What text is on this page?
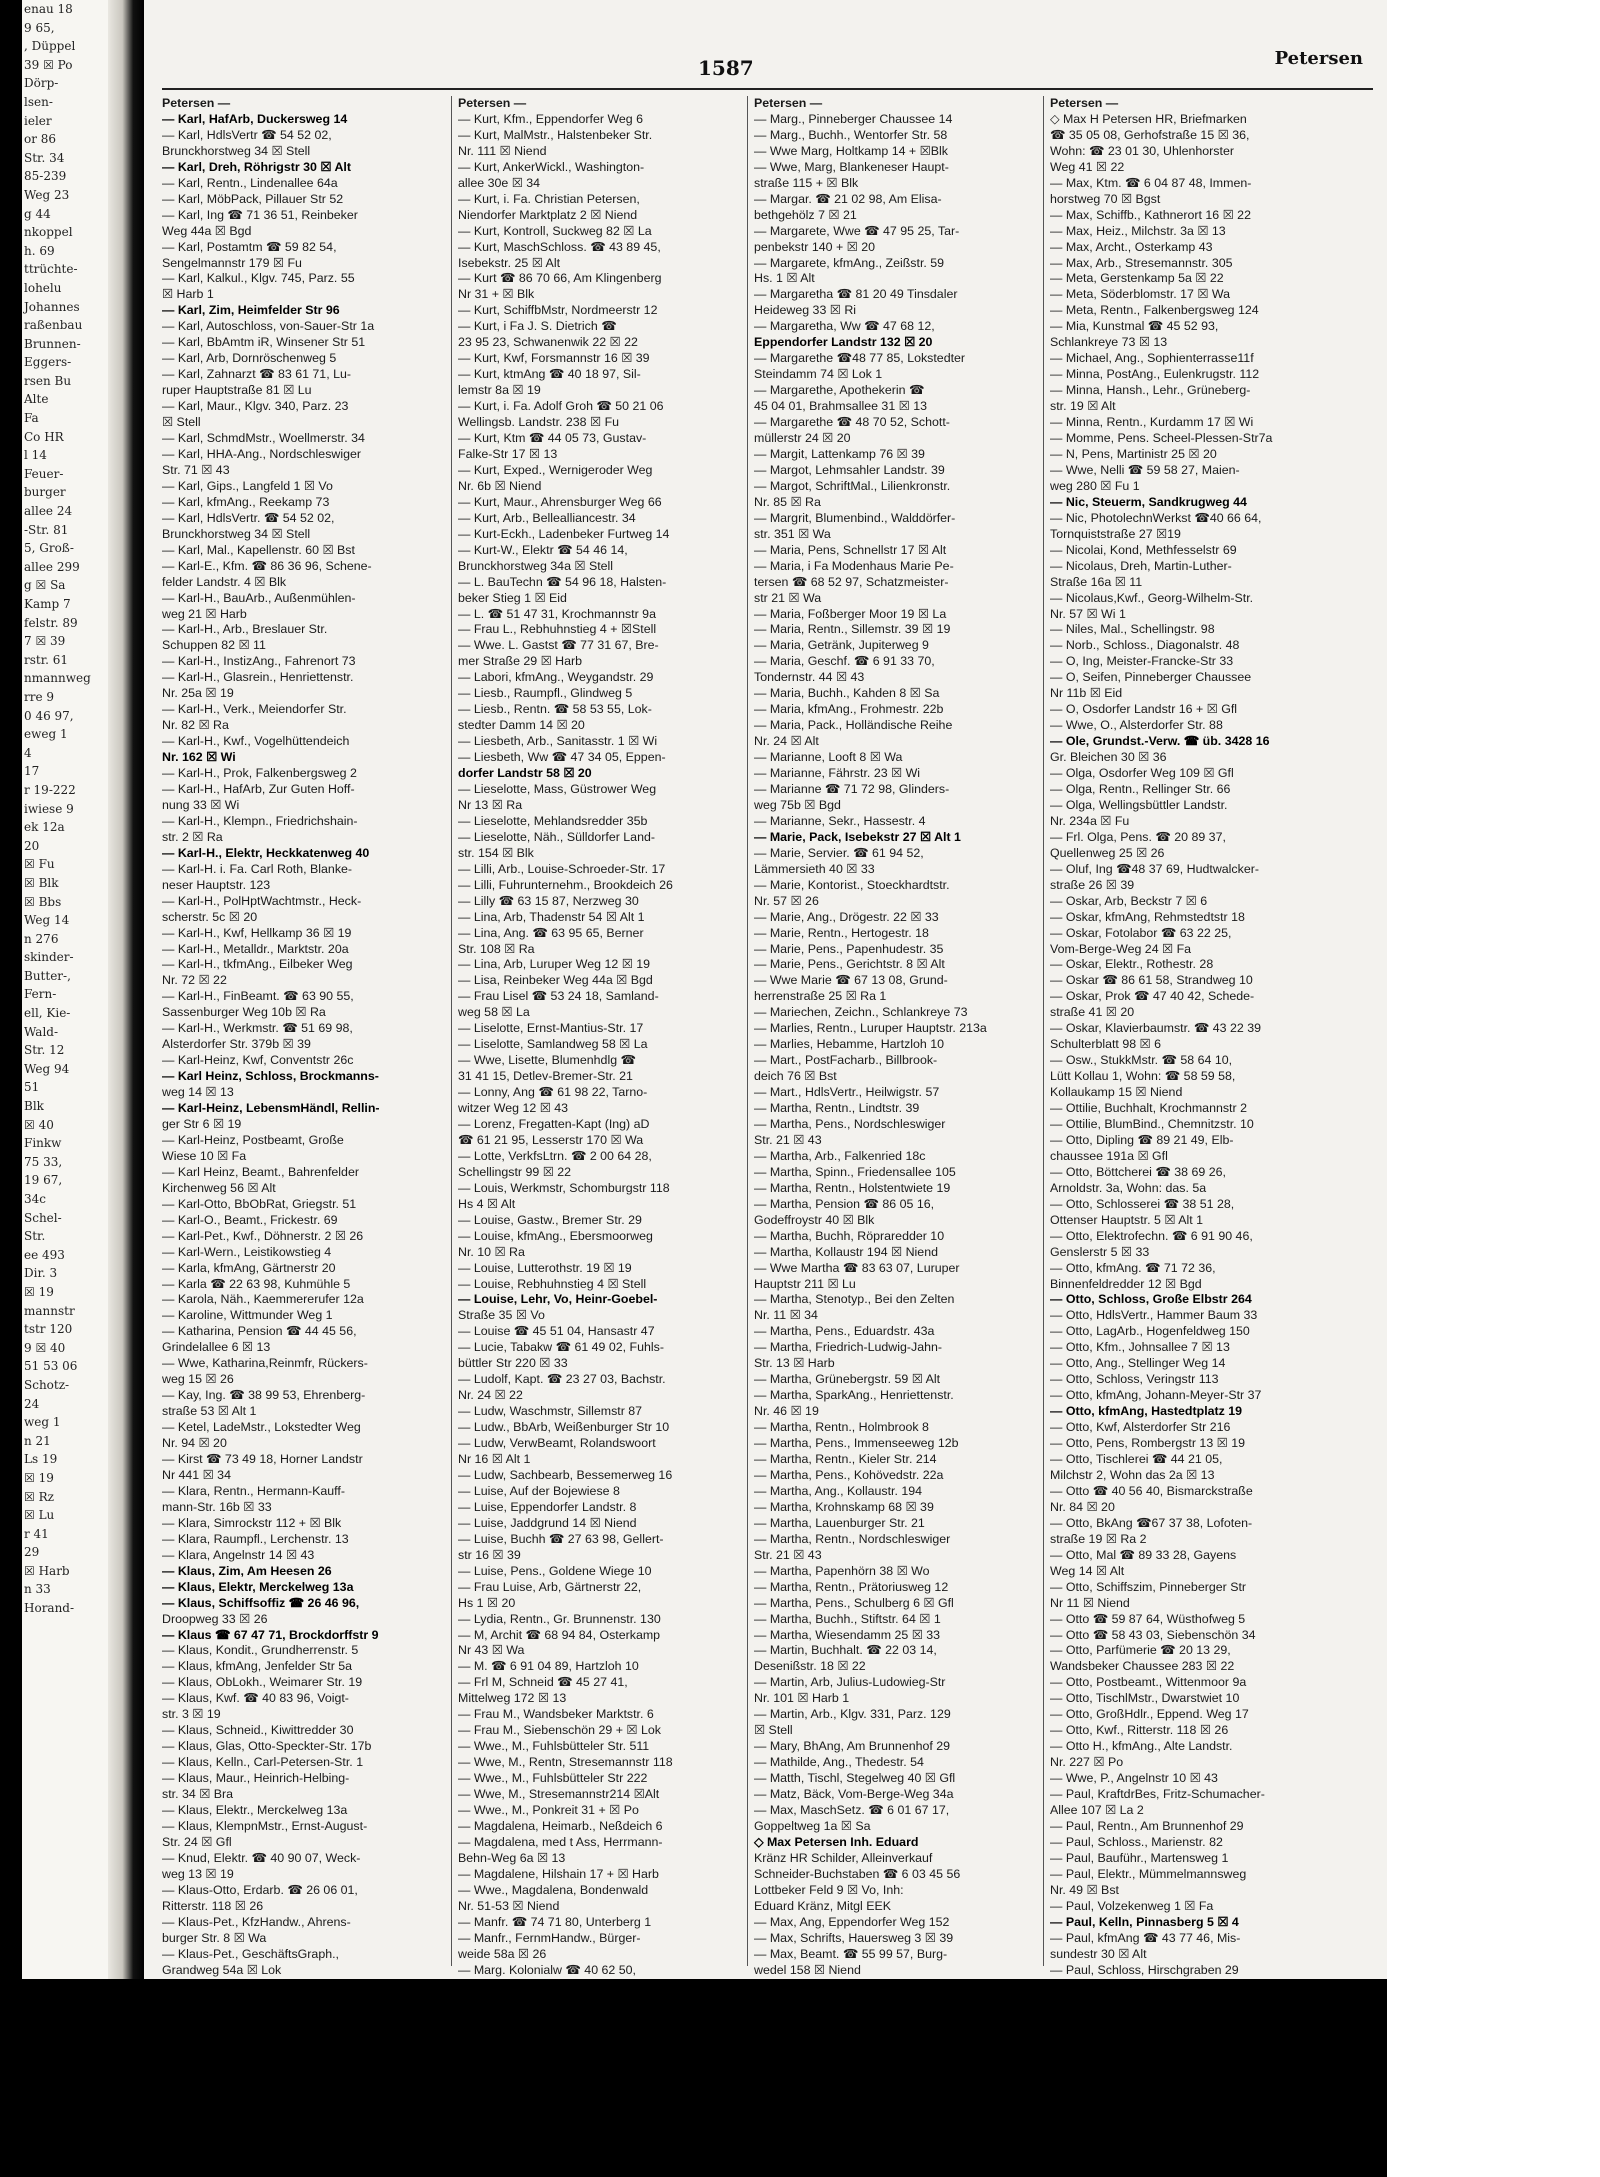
enau 18
9 65,
, Düppel
39 ☒ Po
Dörp-
lsen-
ieler
or 86
Str. 34
85-239
Weg 23
g 44
nkoppel
h. 69
ttrüchte-
lohelu
Johannes
raßenbau
Brunnen-
Eggers-
rsen Bu
Alte
Fa
Co HR
l 14
Feuer-
burger
allee 24
-Str. 81
5, Groß-
allee 299
g ☒ Sa
Kamp 7
felstr. 89
7 ☒ 39
rstr. 61
nmannweg
rre 9
0 46 97,
eweg 1
4
17
r 19-222
iwiese 9
ek 12a
20
☒ Fu
☒ Blk
☒ Bbs
Weg 14
n 276
skinder-
Butter-,
Fern-
ell, Kie-
Wald-
Str. 12
Weg 94
51
Blk
☒ 40
Finkw
75 33,
19 67,
34c
Schel-
Str.
ee 493
Dir. 3
☒ 19
mannstr
tstr 120
9 ☒ 40
51 53 06
Schotz-
24
weg 1
n 21
Ls 19
☒ 19
☒ Rz
☒ Lu
r 41
29
☒ Harb
n 33
Horand-
1587	Petersen
Petersen —
— Karl, HafArb, Duckersweg 14
— Karl, HdlsVertr ☎ 54 52 02,
Brunckhorstweg 34 ☒ Stell
— Karl, Dreh, Röhrigstr 30 ☒ Alt
— Karl, Rentn., Lindenallee 64a
— Karl, MöbPack, Pillauer Str 52
— Karl, Ing ☎ 71 36 51, Reinbeker
Weg 44a ☒ Bgd
— Karl, Postamtm ☎ 59 82 54,
Sengelmannstr 179 ☒ Fu
— Karl, Kalkul., Klgv. 745, Parz. 55
☒ Harb 1
— Karl, Zim, Heimfelder Str 96
— Karl, Autoschloss, von-Sauer-Str 1a
— Karl, BbAmtm iR, Winsener Str 51
— Karl, Arb, Dornröschenweg 5
— Karl, Zahnarzt ☎ 83 61 71, Lu-
ruper Hauptstraße 81 ☒ Lu
— Karl, Maur., Klgv. 340, Parz. 23
☒ Stell
— Karl, SchmdMstr., Woellmerstr. 34
— Karl, HHA-Ang., Nordschleswiger
Str. 71 ☒ 43
— Karl, Gips., Langfeld 1 ☒ Vo
— Karl, kfmAng., Reekamp 73
— Karl, HdlsVertr. ☎ 54 52 02,
Brunckhorstweg 34 ☒ Stell
— Karl, Mal., Kapellenstr. 60 ☒ Bst
— Karl-E., Kfm. ☎ 86 36 96, Schene-
felder Landstr. 4 ☒ Blk
— Karl-H., BauArb., Außenmühlen-
weg 21 ☒ Harb
— Karl-H., Arb., Breslauer Str.
Schuppen 82 ☒ 11
— Karl-H., InstizAng., Fahrenort 73
— Karl-H., Glasrein., Henriettenstr.
Nr. 25a ☒ 19
— Karl-H., Verk., Meiendorfer Str.
Nr. 82 ☒ Ra
— Karl-H., Kwf., Vogelhüttendeich
Nr. 162 ☒ Wi
— Karl-H., Prok, Falkenbergsweg 2
— Karl-H., HafArb, Zur Guten Hoff-
nung 33 ☒ Wi
— Karl-H., Klempn., Friedrichshain-
str. 2 ☒ Ra
— Karl-H., Elektr, Heckkatenweg 40
— Karl-H. i. Fa. Carl Roth, Blanke-
neser Hauptstr. 123
— Karl-H., PolHptWachtmstr., Heck-
scherstr. 5c ☒ 20
— Karl-H., Kwf, Hellkamp 36 ☒ 19
— Karl-H., Metalldr., Marktstr. 20a
— Karl-H., tkfmAng., Eilbeker Weg
Nr. 72 ☒ 22
— Karl-H., FinBeamt. ☎ 63 90 55,
Sassenburger Weg 10b ☒ Ra
— Karl-H., Werkmstr. ☎ 51 69 98,
Alsterdorfer Str. 379b ☒ 39
— Karl-Heinz, Kwf, Conventstr 26c
— Karl Heinz, Schloss, Brockmanns-
weg 14 ☒ 13
— Karl-Heinz, LebensmHändl, Rellin-
ger Str 6 ☒ 19
— Karl-Heinz, Postbeamt, Große
Wiese 10 ☒ Fa
— Karl Heinz, Beamt., Bahrenfelder
Kirchenweg 56 ☒ Alt
— Karl-Otto, BbObRat, Griegstr. 51
— Karl-O., Beamt., Frickestr. 69
— Karl-Pet., Kwf., Döhnerstr. 2 ☒ 26
— Karl-Wern., Leistikowstieg 4
— Karla, kfmAng, Gärtnerstr 20
— Karla ☎ 22 63 98, Kuhmühle 5
— Karola, Näh., Kaemmererufer 12a
— Karoline, Wittmunder Weg 1
— Katharina, Pension ☎ 44 45 56,
Grindelallee 6 ☒ 13
— Wwe, Katharina,Reinmfr, Rückers-
weg 15 ☒ 26
— Kay, Ing. ☎ 38 99 53, Ehrenberg-
straße 53 ☒ Alt 1
— Ketel, LadeMstr., Lokstedter Weg
Nr. 94 ☒ 20
— Kirst ☎ 73 49 18, Horner Landstr
Nr 441 ☒ 34
— Klara, Rentn., Hermann-Kauff-
mann-Str. 16b ☒ 33
— Klara, Simrockstr 112 + ☒ Blk
— Klara, Raumpfl., Lerchenstr. 13
— Klara, Angelnstr 14 ☒ 43
— Klaus, Zim, Am Heesen 26
— Klaus, Elektr, Merckelweg 13a
— Klaus, Schiffsoffiz ☎ 26 46 96,
Droopweg 33 ☒ 26
— Klaus ☎ 67 47 71, Brockdorffstr 9
— Klaus, Kondit., Grundherrenstr. 5
— Klaus, kfmAng, Jenfelder Str 5a
— Klaus, ObLokh., Weimarer Str. 19
— Klaus, Kwf. ☎ 40 83 96, Voigt-
str. 3 ☒ 19
— Klaus, Schneid., Kiwittredder 30
— Klaus, Glas, Otto-Speckter-Str. 17b
— Klaus, Kelln., Carl-Petersen-Str. 1
— Klaus, Maur., Heinrich-Helbing-
str. 34 ☒ Bra
— Klaus, Elektr., Merckelweg 13a
— Klaus, KlempnMstr., Ernst-August-
Str. 24 ☒ Gfl
— Knud, Elektr. ☎ 40 90 07, Weck-
weg 13 ☒ 19
— Klaus-Otto, Erdarb. ☎ 26 06 01,
Ritterstr. 118 ☒ 26
— Klaus-Pet., KfzHandw., Ahrens-
burger Str. 8 ☒ Wa
— Klaus-Pet., GeschäftsGraph.,
Grandweg 54a ☒ Lok
Petersen —
— Kurt, Kfm., Eppendorfer Weg 6
— Kurt, MalMstr., Halstenbeker Str.
Nr. 111 ☒ Niend
— Kurt, AnkerWickl., Washington-
allee 30e ☒ 34
— Kurt, i. Fa. Christian Petersen,
Niendorfer Marktplatz 2 ☒ Niend
— Kurt, Kontroll, Suckweg 82 ☒ La
— Kurt, MaschSchloss. ☎ 43 89 45,
Isebekstr. 25 ☒ Alt
— Kurt ☎ 86 70 66, Am Klingenberg
Nr 31 + ☒ Blk
— Kurt, SchiffbMstr, Nordmeerstr 12
— Kurt, i Fa J. S. Dietrich ☎
23 95 23, Schwanenwik 22 ☒ 22
— Kurt, Kwf, Forsmannstr 16 ☒ 39
— Kurt, ktmAng ☎ 40 18 97, Sil-
lemstr 8a ☒ 19
— Kurt, i. Fa. Adolf Groh ☎ 50 21 06
Wellingsb. Landstr. 238 ☒ Fu
— Kurt, Ktm ☎ 44 05 73, Gustav-
Falke-Str 17 ☒ 13
— Kurt, Exped., Wernigeroder Weg
Nr. 6b ☒ Niend
— Kurt, Maur., Ahrensburger Weg 66
— Kurt, Arb., Bellealliancestr. 34
— Kurt-Eckh., Ladenbeker Furtweg 14
— Kurt-W., Elektr ☎ 54 46 14,
Brunckhorstweg 34a ☒ Stell
— L. BauTechn ☎ 54 96 18, Halsten-
beker Stieg 1 ☒ Eid
— L. ☎ 51 47 31, Krochmannstr 9a
— Frau L., Rebhuhnstieg 4 + ☒Stell
— Wwe. L. Gastst ☎ 77 31 67, Bre-
mer Straße 29 ☒ Harb
— Labori, kfmAng., Weygandstr. 29
— Liesb., Raumpfl., Glindweg 5
— Liesb., Rentn. ☎ 58 53 55, Lok-
stedter Damm 14 ☒ 20
— Liesbeth, Arb., Sanitasstr. 1 ☒ Wi
— Liesbeth, Ww ☎ 47 34 05, Eppen-
dorfer Landstr 58 ☒ 20
— Lieselotte, Mass, Güstrower Weg
Nr 13 ☒ Ra
— Lieselotte, Mehlandsredder 35b
— Lieselotte, Näh., Sülldorfer Land-
str. 154 ☒ Blk
— Lilli, Arb., Louise-Schroeder-Str. 17
— Lilli, Fuhrunternehm., Brookdeich 26
— Lilly ☎ 63 15 87, Nerzweg 30
— Lina, Arb, Thadenstr 54 ☒ Alt 1
— Lina, Ang. ☎ 63 95 65, Berner
Str. 108 ☒ Ra
— Lina, Arb, Luruper Weg 12 ☒ 19
— Lisa, Reinbeker Weg 44a ☒ Bgd
— Frau Lisel ☎ 53 24 18, Samland-
weg 58 ☒ La
— Liselotte, Ernst-Mantius-Str. 17
— Liselotte, Samlandweg 58 ☒ La
— Wwe, Lisette, Blumenhdlg ☎
31 41 15, Detlev-Bremer-Str. 21
— Lonny, Ang ☎ 61 98 22, Tarno-
witzer Weg 12 ☒ 43
— Lorenz, Fregatten-Kapt (Ing) aD
☎ 61 21 95, Lesserstr 170 ☒ Wa
— Lotte, VerkfsLtrn. ☎ 2 00 64 28,
Schellingstr 99 ☒ 22
— Louis, Werkmstr, Schomburgstr 118
Hs 4 ☒ Alt
— Louise, Gastw., Bremer Str. 29
— Louise, kfmAng., Ebersmoorweg
Nr. 10 ☒ Ra
— Louise, Lutterothstr. 19 ☒ 19
— Louise, Rebhuhnstieg 4 ☒ Stell
— Louise, Lehr, Vo, Heinr-Goebel-
Straße 35 ☒ Vo
— Louise ☎ 45 51 04, Hansastr 47
— Lucie, Tabakw ☎ 61 49 02, Fuhls-
büttler Str 220 ☒ 33
— Ludolf, Kapt. ☎ 23 27 03, Bachstr.
Nr. 24 ☒ 22
— Ludw, Waschmstr, Sillemstr 87
— Ludw., BbArb, Weißenburger Str 10
— Ludw, VerwBeamt, Rolandswoort
Nr 16 ☒ Alt 1
— Ludw, Sachbearb, Bessemerweg 16
— Luise, Auf der Bojewiese 8
— Luise, Eppendorfer Landstr. 8
— Luise, Jaddgrund 14 ☒ Niend
— Luise, Buchh ☎ 27 63 98, Gellert-
str 16 ☒ 39
— Luise, Pens., Goldene Wiege 10
— Frau Luise, Arb, Gärtnerstr 22,
Hs 1 ☒ 20
— Lydia, Rentn., Gr. Brunnenstr. 130
— M, Archit ☎ 68 94 84, Osterkamp
Nr 43 ☒ Wa
— M. ☎ 6 91 04 89, Hartzloh 10
— Frl M, Schneid ☎ 45 27 41,
Mittelweg 172 ☒ 13
— Frau M., Wandsbeker Marktstr. 6
— Frau M., Siebenschön 29 + ☒ Lok
— Wwe., M., Fuhlsbütteler Str. 511
— Wwe, M., Rentn, Stresemannstr 118
— Wwe., M., Fuhlsbütteler Str 222
— Wwe, M., Stresemannstr214 ☒Alt
— Wwe., M., Ponkreit 31 + ☒ Po
— Magdalena, Heimarb., Neßdeich 6
— Magdalena, med t Ass, Herrmann-
Behn-Weg 6a ☒ 13
— Magdalene, Hilshain 17 + ☒ Harb
— Wwe., Magdalena, Bondenwald
Nr. 51-53 ☒ Niend
— Manfr. ☎ 74 71 80, Unterberg 1
— Manfr., FernmHandw., Bürger-
weide 58a ☒ 26
— Marg. Kolonialw ☎ 40 62 50,
Petersen —
— Marg., Pinneberger Chaussee 14
— Marg., Buchh., Wentorfer Str. 58
— Wwe Marg, Holtkamp 14 + ☒Blk
— Wwe, Marg, Blankeneser Haupt-
straße 115 + ☒ Blk
— Margar. ☎ 21 02 98, Am Elisa-
bethgehölz 7 ☒ 21
— Margarete, Wwe ☎ 47 95 25, Tar-
penbekstr 140 + ☒ 20
— Margarete, kfmAng., Zeißstr. 59
Hs. 1 ☒ Alt
— Margaretha ☎ 81 20 49 Tinsdaler
Heideweg 33 ☒ Ri
— Margaretha, Ww ☎ 47 68 12,
Eppendorfer Landstr 132 ☒ 20
— Margarethe ☎48 77 85, Lokstedter
Steindamm 74 ☒ Lok 1
— Margarethe, Apothekerin ☎
45 04 01, Brahmsallee 31 ☒ 13
— Margarethe ☎ 48 70 52, Schott-
müllerstr 24 ☒ 20
— Margit, Lattenkamp 76 ☒ 39
— Margot, Lehmsahler Landstr. 39
— Margot, SchriftMal., Lilienkronstr.
Nr. 85 ☒ Ra
— Margrit, Blumenbind., Walddörfer-
str. 351 ☒ Wa
— Maria, Pens, Schnellstr 17 ☒ Alt
— Maria, i Fa Modenhaus Marie Pe-
tersen ☎ 68 52 97, Schatzmeister-
str 21 ☒ Wa
— Maria, Foßberger Moor 19 ☒ La
— Maria, Rentn., Sillemstr. 39 ☒ 19
— Maria, Getränk, Jupiterweg 9
— Maria, Geschf. ☎ 6 91 33 70,
Tondernstr. 44 ☒ 43
— Maria, Buchh., Kahden 8 ☒ Sa
— Maria, kfmAng., Frohmestr. 22b
— Maria, Pack., Holländische Reihe
Nr. 24 ☒ Alt
— Marianne, Looft 8 ☒ Wa
— Marianne, Fährstr. 23 ☒ Wi
— Marianne ☎ 71 72 98, Glinders-
weg 75b ☒ Bgd
— Marianne, Sekr., Hassestr. 4
— Marie, Pack, Isebekstr 27 ☒ Alt 1
— Marie, Servier. ☎ 61 94 52,
Lämmersieth 40 ☒ 33
— Marie, Kontorist., Stoeckhardtstr.
Nr. 57 ☒ 26
— Marie, Ang., Drögestr. 22 ☒ 33
— Marie, Rentn., Hertogestr. 18
— Marie, Pens., Papenhudestr. 35
— Marie, Pens., Gerichtstr. 8 ☒ Alt
— Wwe Marie ☎ 67 13 08, Grund-
herrenstraße 25 ☒ Ra 1
— Mariechen, Zeichn., Schlankreye 73
— Marlies, Rentn., Luruper Hauptstr. 213a
— Marlies, Hebamme, Hartzloh 10
— Mart., PostFacharb., Billbrook-
deich 76 ☒ Bst
— Mart., HdlsVertr., Heilwigstr. 57
— Martha, Rentn., Lindtstr. 39
— Martha, Pens., Nordschleswiger
Str. 21 ☒ 43
— Martha, Arb., Falkenried 18c
— Martha, Spinn., Friedensallee 105
— Martha, Rentn., Holstentwiete 19
— Martha, Pension ☎ 86 05 16,
Godeffroystr 40 ☒ Blk
— Martha, Buchh, Röpraredder 10
— Martha, Kollaustr 194 ☒ Niend
— Wwe Martha ☎ 83 63 07, Luruper
Hauptstr 211 ☒ Lu
— Martha, Stenotyp., Bei den Zelten
Nr. 11 ☒ 34
— Martha, Pens., Eduardstr. 43a
— Martha, Friedrich-Ludwig-Jahn-
Str. 13 ☒ Harb
— Martha, Grünebergstr. 59 ☒ Alt
— Martha, SparkAng., Henriettenstr.
Nr. 46 ☒ 19
— Martha, Rentn., Holmbrook 8
— Martha, Pens., Immenseeweg 12b
— Martha, Rentn., Kieler Str. 214
— Martha, Pens., Kohövedstr. 22a
— Martha, Ang., Kollaustr. 194
— Martha, Krohnskamp 68 ☒ 39
— Martha, Lauenburger Str. 21
— Martha, Rentn., Nordschleswiger
Str. 21 ☒ 43
— Martha, Papenhörn 38 ☒ Wo
— Martha, Rentn., Prätoriusweg 12
— Martha, Pens., Schulberg 6 ☒ Gfl
— Martha, Buchh., Stiftstr. 64 ☒ 1
— Martha, Wiesendamm 25 ☒ 33
— Martin, Buchhalt. ☎ 22 03 14,
Desenißstr. 18 ☒ 22
— Martin, Arb, Julius-Ludowieg-Str
Nr. 101 ☒ Harb 1
— Martin, Arb., Klgv. 331, Parz. 129
☒ Stell
— Mary, BhAng, Am Brunnenhof 29
— Mathilde, Ang., Thedestr. 54
— Matth, Tischl, Stegelweg 40 ☒ Gfl
— Matz, Bäck, Vom-Berge-Weg 34a
— Max, MaschSetz. ☎ 6 01 67 17,
Goppeltweg 1a ☒ Sa
◇ Max Petersen Inh. Eduard
Kränz HR Schilder, Alleinverkauf
Schneider-Buchstaben ☎ 6 03 45 56
Lottbeker Feld 9 ☒ Vo, Inh:
Eduard Kränz, Mitgl EEK
— Max, Ang, Eppendorfer Weg 152
— Max, Schrifts, Hauersweg 3 ☒ 39
— Max, Beamt. ☎ 55 99 57, Burg-
wedel 158 ☒ Niend
Petersen —
◇ Max H Petersen HR, Briefmarken
☎ 35 05 08, Gerhofstraße 15 ☒ 36,
Wohn: ☎ 23 01 30, Uhlenhorster
Weg 41 ☒ 22
— Max, Ktm. ☎ 6 04 87 48, Immen-
horstweg 70 ☒ Bgst
— Max, Schiffb., Kathnerort 16 ☒ 22
— Max, Heiz., Milchstr. 3a ☒ 13
— Max, Archt., Osterkamp 43
— Max, Arb., Stresemannstr. 305
— Meta, Gerstenkamp 5a ☒ 22
— Meta, Söderblomstr. 17 ☒ Wa
— Meta, Rentn., Falkenbergsweg 124
— Mia, Kunstmal ☎ 45 52 93,
Schlankreye 73 ☒ 13
— Michael, Ang., Sophienterrasse11f
— Minna, PostAng., Eulenkrugstr. 112
— Minna, Hansh., Lehr., Grüneberg-
str. 19 ☒ Alt
— Minna, Rentn., Kurdamm 17 ☒ Wi
— Momme, Pens. Scheel-Plessen-Str7a
— N, Pens, Martinistr 25 ☒ 20
— Wwe, Nelli ☎ 59 58 27, Maien-
weg 280 ☒ Fu 1
— Nic, Steuerm, Sandkrugweg 44
— Nic, PhotolechnWerkst ☎40 66 64,
Tornquiststraße 27 ☒19
— Nicolai, Kond, Methfesselstr 69
— Nicolaus, Dreh, Martin-Luther-
Straße 16a ☒ 11
— Nicolaus,Kwf., Georg-Wilhelm-Str.
Nr. 57 ☒ Wi 1
— Niles, Mal., Schellingstr. 98
— Norb., Schloss., Diagonalstr. 48
— O, Ing, Meister-Francke-Str 33
— O, Seifen, Pinneberger Chaussee
Nr 11b ☒ Eid
— O, Osdorfer Landstr 16 + ☒ Gfl
— Wwe, O., Alsterdorfer Str. 88
— Ole, Grundst.-Verw. ☎ üb. 3428 16
Gr. Bleichen 30 ☒ 36
— Olga, Osdorfer Weg 109 ☒ Gfl
— Olga, Rentn., Rellinger Str. 66
— Olga, Wellingsbüttler Landstr.
Nr. 234a ☒ Fu
— Frl. Olga, Pens. ☎ 20 89 37,
Quellenweg 25 ☒ 26
— Oluf, Ing ☎48 37 69, Hudtwalcker-
straße 26 ☒ 39
— Oskar, Arb, Beckstr 7 ☒ 6
— Oskar, kfmAng, Rehmstedtstr 18
— Oskar, Fotolabor ☎ 63 22 25,
Vom-Berge-Weg 24 ☒ Fa
— Oskar, Elektr., Rothestr. 28
— Oskar ☎ 86 61 58, Strandweg 10
— Oskar, Prok ☎ 47 40 42, Schede-
straße 41 ☒ 20
— Oskar, Klavierbaumstr. ☎ 43 22 39
Schulterblatt 98 ☒ 6
— Osw., StukkMstr. ☎ 58 64 10,
Lütt Kollau 1, Wohn: ☎ 58 59 58,
Kollaukamp 15 ☒ Niend
— Ottilie, Buchhalt, Krochmannstr 2
— Ottilie, BlumBind., Chemnitzstr. 10
— Otto, Dipling ☎ 89 21 49, Elb-
chaussee 191a ☒ Gfl
— Otto, Böttcherei ☎ 38 69 26,
Arnoldstr. 3a, Wohn: das. 5a
— Otto, Schlosserei ☎ 38 51 28,
Ottenser Hauptstr. 5 ☒ Alt 1
— Otto, Elektrofechn. ☎ 6 91 90 46,
Genslerstr 5 ☒ 33
— Otto, kfmAng. ☎ 71 72 36,
Binnenfeldredder 12 ☒ Bgd
— Otto, Schloss, Große Elbstr 264
— Otto, HdlsVertr., Hammer Baum 33
— Otto, LagArb., Hogenfeldweg 150
— Otto, Kfm., Johnsallee 7 ☒ 13
— Otto, Ang., Stellinger Weg 14
— Otto, Schloss, Veringstr 113
— Otto, kfmAng, Johann-Meyer-Str 37
— Otto, kfmAng, Hastedtplatz 19
— Otto, Kwf, Alsterdorfer Str 216
— Otto, Pens, Rombergstr 13 ☒ 19
— Otto, Tischlerei ☎ 44 21 05,
Milchstr 2, Wohn das 2a ☒ 13
— Otto ☎ 40 56 40, Bismarckstraße
Nr. 84 ☒ 20
— Otto, BkAng ☎67 37 38, Lofoten-
straße 19 ☒ Ra 2
— Otto, Mal ☎ 89 33 28, Gayens
Weg 14 ☒ Alt
— Otto, Schiffszim, Pinneberger Str
Nr 11 ☒ Niend
— Otto ☎ 59 87 64, Wüsthofweg 5
— Otto ☎ 58 43 03, Siebenschön 34
— Otto, Parfümerie ☎ 20 13 29,
Wandsbeker Chaussee 283 ☒ 22
— Otto, Postbeamt., Wittenmoor 9a
— Otto, TischlMstr., Dwarstwiet 10
— Otto, GroßHdlr., Eppend. Weg 17
— Otto, Kwf., Ritterstr. 118 ☒ 26
— Otto H., kfmAng., Alte Landstr.
Nr. 227 ☒ Po
— Wwe, P., Angelnstr 10 ☒ 43
— Paul, KraftdrBes, Fritz-Schumacher-
Allee 107 ☒ La 2
— Paul, Rentn., Am Brunnenhof 29
— Paul, Schloss., Marienstr. 82
— Paul, Bauführ., Martensweg 1
— Paul, Elektr., Mümmelmannsweg
Nr. 49 ☒ Bst
— Paul, Volzekenweg 1 ☒ Fa
— Paul, Kelln, Pinnasberg 5 ☒ 4
— Paul, kfmAng ☎ 43 77 46, Mis-
sundestr 30 ☒ Alt
— Paul, Schloss, Hirschgraben 29
